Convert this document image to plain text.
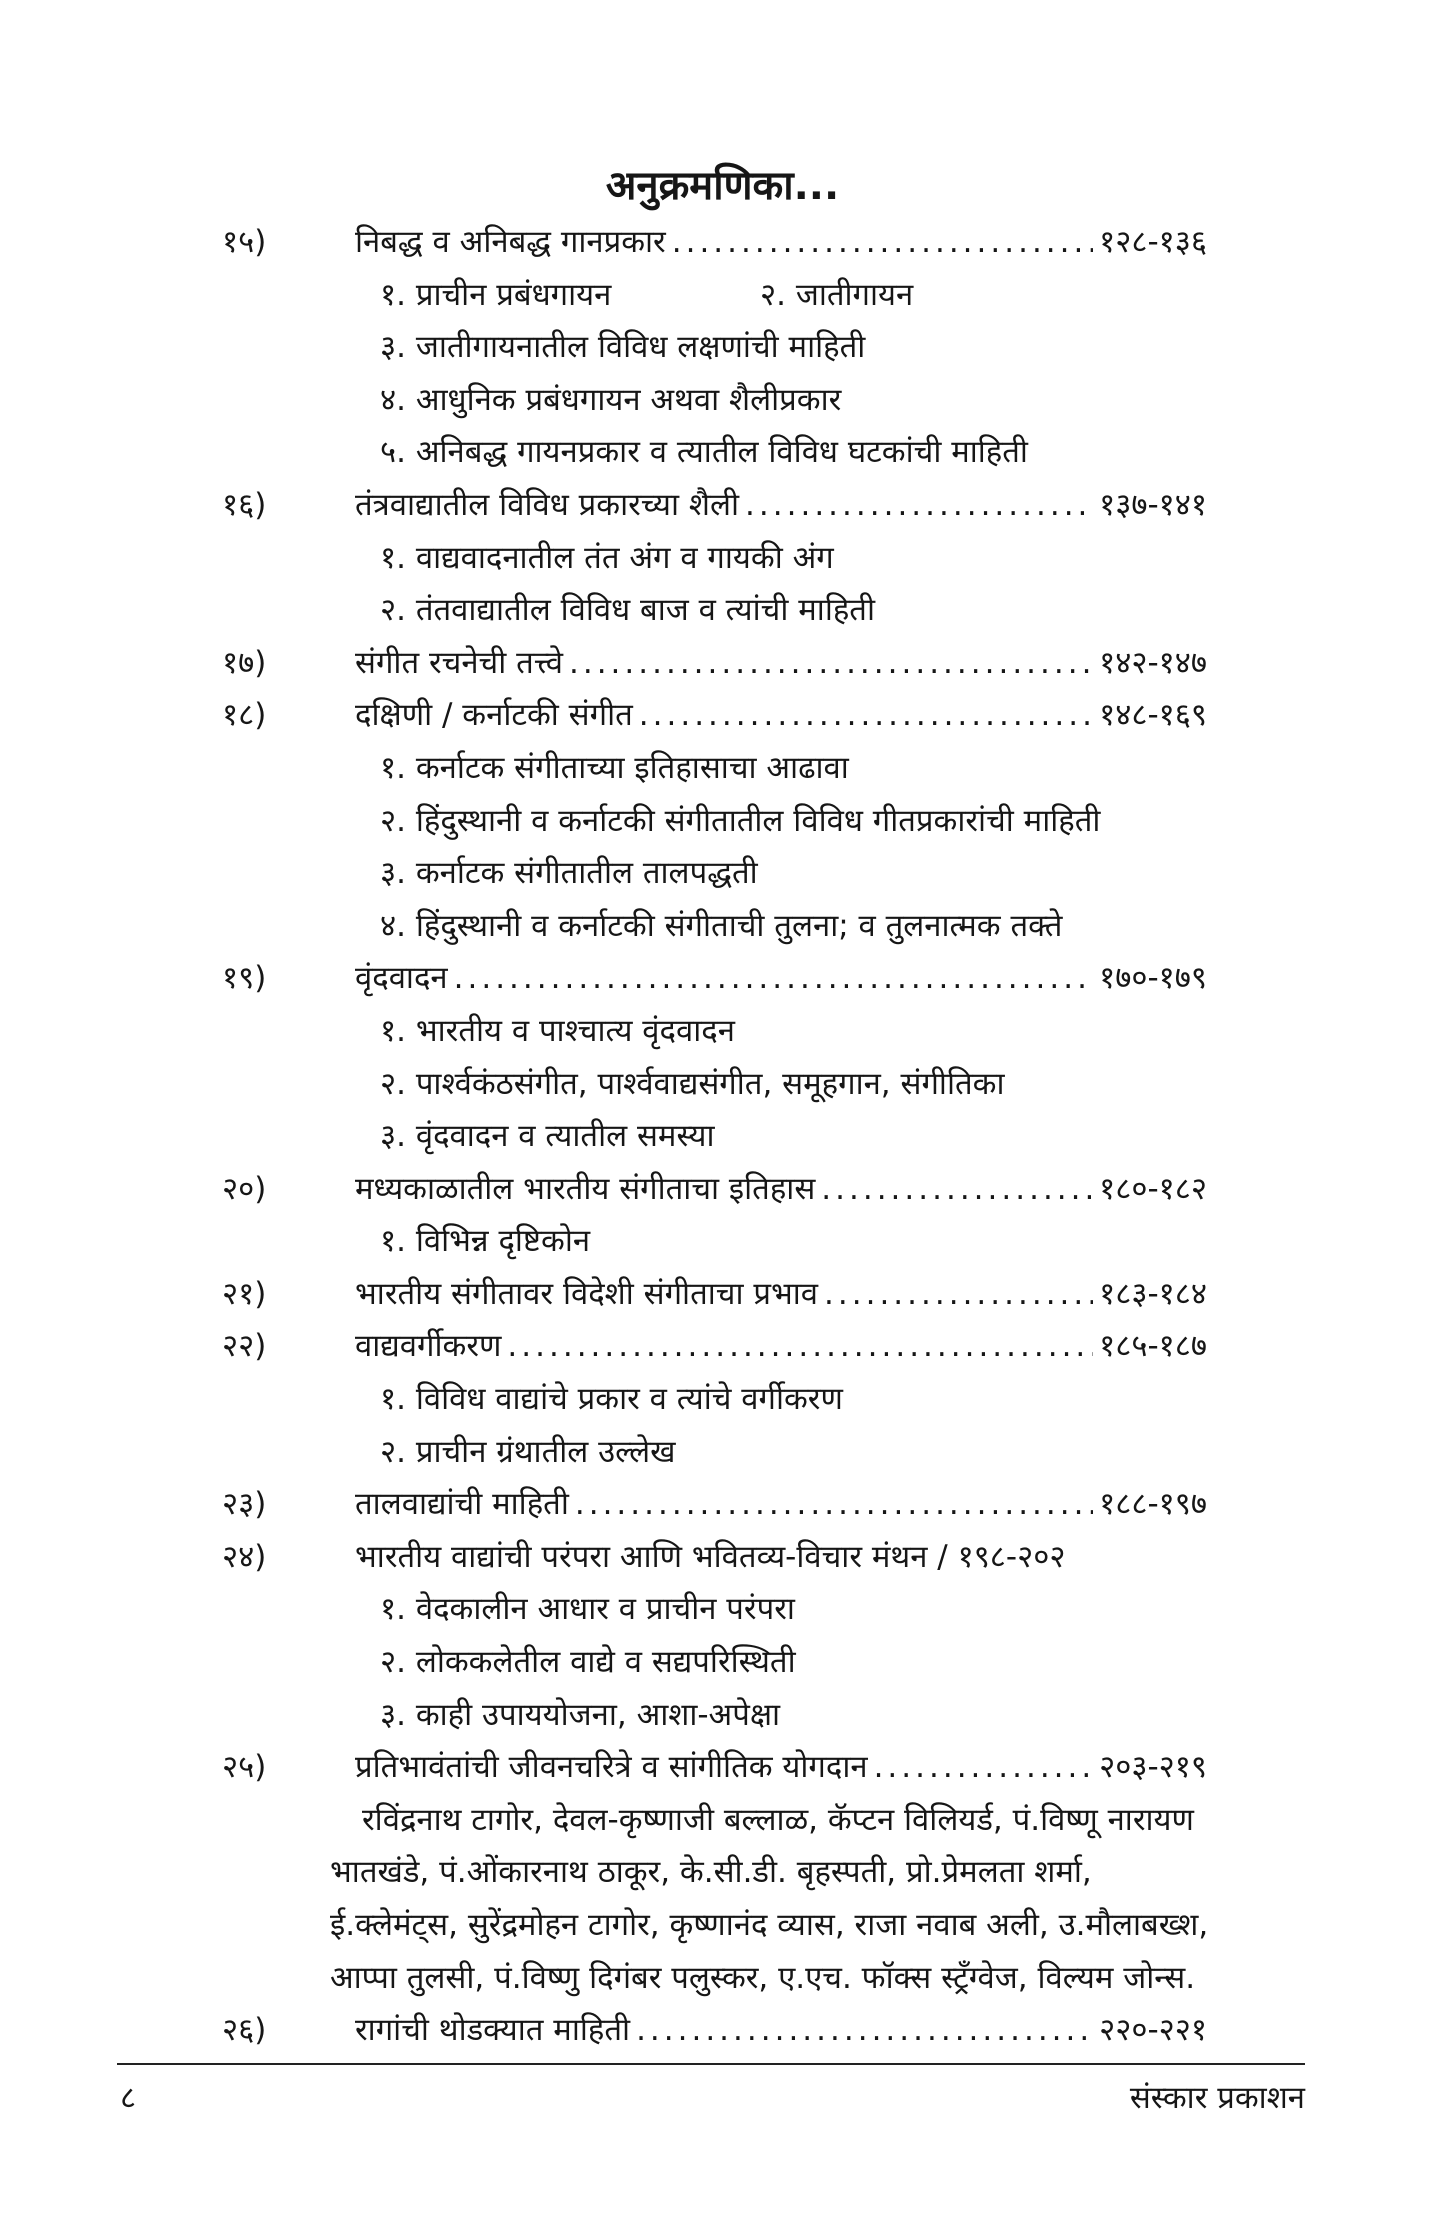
अनुक्रमणिका...
१५)	निबद्ध व अनिबद्ध गानप्रकार .....	१२८-१३६
१. प्राचीन प्रबंधगायन	२. जातीगायन
३. जातीगायनातील विविध लक्षणांची माहिती
४. आधुनिक प्रबंधगायन अथवा शैलीप्रकार
५. अनिबद्ध गायनप्रकार व त्यातील विविध घटकांची माहिती
१६)	तंत्रवाद्यातील विविध प्रकारच्या शैली .....	१३७-१४१
१. वाद्यवादनातील तंत अंग व गायकी अंग
२. तंतवाद्यातील विविध बाज व त्यांची माहिती
१७)	संगीत रचनेची तत्त्वे .....	१४२-१४७
१८)	दक्षिणी / कर्नाटकी संगीत .....	१४८-१६९
१. कर्नाटक संगीताच्या इतिहासाचा आढावा
२. हिंदुस्थानी व कर्नाटकी संगीतातील विविध गीतप्रकारांची माहिती
३. कर्नाटक संगीतातील तालपद्धती
४. हिंदुस्थानी व कर्नाटकी संगीताची तुलना; व तुलनात्मक तक्ते
१९)	वृंदवादन .....	१७०-१७९
१. भारतीय व पाश्चात्य वृंदवादन
२. पार्श्वकंठसंगीत, पार्श्ववाद्यसंगीत, समूहगान, संगीतिका
३. वृंदवादन व त्यातील समस्या
२०)	मध्यकाळातील भारतीय संगीताचा इतिहास .....	१८०-१८२
१. विभिन्न दृष्टिकोन
२१)	भारतीय संगीतावर विदेशी संगीताचा प्रभाव .....	१८३-१८४
२२)	वाद्यवर्गीकरण .....	१८५-१८७
१. विविध वाद्यांचे प्रकार व त्यांचे वर्गीकरण
२. प्राचीन ग्रंथातील उल्लेख
२३)	तालवाद्यांची माहिती .....	१८८-१९७
२४)	भारतीय वाद्यांची परंपरा आणि भवितव्य-विचार मंथन / १९८-२०२
१. वेदकालीन आधार व प्राचीन परंपरा
२. लोककलेतील वाद्ये व सद्यपरिस्थिती
३. काही उपाययोजना, आशा-अपेक्षा
२५)	प्रतिभावंतांची जीवनचरित्रे व सांगीतिक योगदान .....	२०३-२१९
रविंद्रनाथ टागोर, देवल-कृष्णाजी बल्लाळ, कॅप्टन विलियर्ड, पं.विष्णू नारायण
भातखंडे, पं.ओंकारनाथ ठाकूर, के.सी.डी. बृहस्पती, प्रो.प्रेमलता शर्मा,
ई.क्लेमंट्स, सुरेंद्रमोहन टागोर, कृष्णानंद व्यास, राजा नवाब अली, उ.मौलाबख्श,
आप्पा तुलसी, पं.विष्णु दिगंबर पलुस्कर, ए.एच. फॉक्स स्ट्रँग्वेज, विल्यम जोन्स.
२६)	रागांची थोडक्यात माहिती .....	२२०-२२१
८	संस्कार प्रकाशन
